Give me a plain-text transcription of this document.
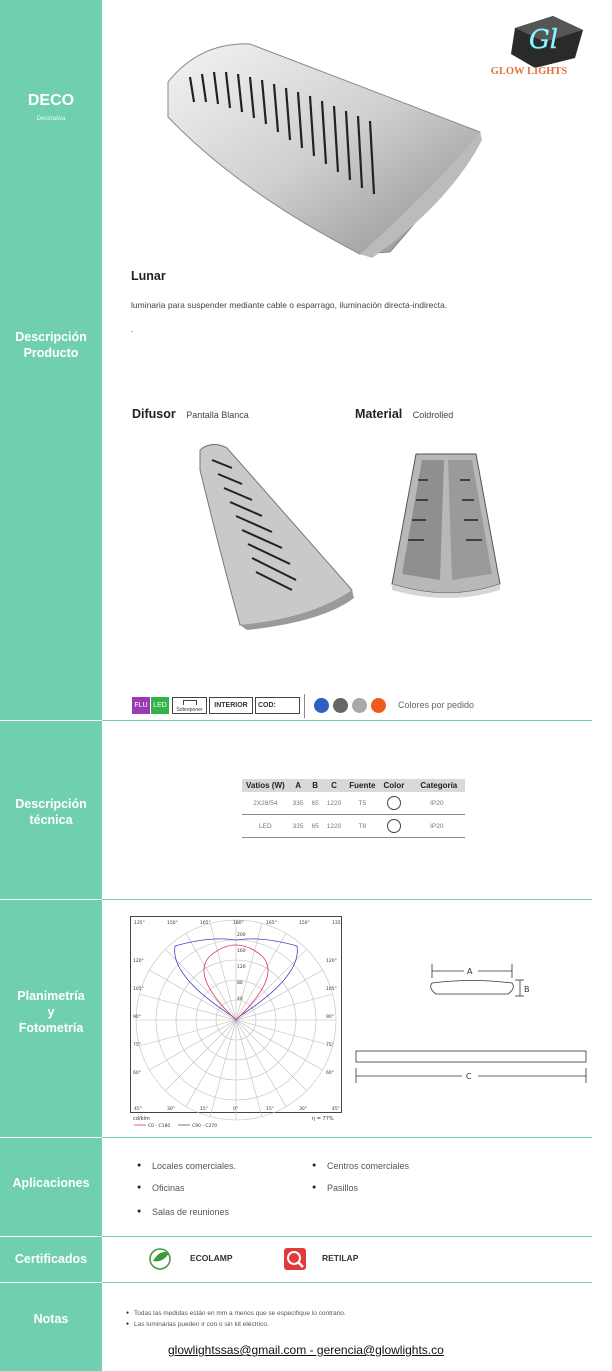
DECO
Decorativa
Descripción Producto
Descripción técnica
Planimetría y Fotometría
Aplicaciones
Certificados
Notas
Gl
GLOW LIGHTS
Lunar
luminaria para suspender mediante cable o esparrago, iluminación directa-indirecta.
.
Difusor Pantalla Blanca	Material Coldrolled
FLU LED
Sobreponer
INTERIOR	COD:	Colores por pedido
Vatios (W)	A	B	C	Fuente	Color	Categoría
2X28/54	335	65	1220	T5		IP20
LED	335	65	1220	T8		IP20
135°	150°	165°	180°	165°	150°	135°
45°	30°	15°	0°	15°	30°	45°
120°
105°
90°
75°
60°
120°
105°
90°
75°
60°
200
160
120
80
40
cd/klm	η = 77%
C0 - C180	C90 - C270
A
B
C
● Locales comerciales.	● Centros comerciales
● Oficinas	● Pasillos
● Salas de reuniones
ECOLAMP	RETILAP
● Todas las medidas están en mm a menos que se especifique lo contrario.
● Las luminarias pueden ir con o sin kit eléctrico.
glowlightssas@gmail.com - gerencia@glowlights.co
